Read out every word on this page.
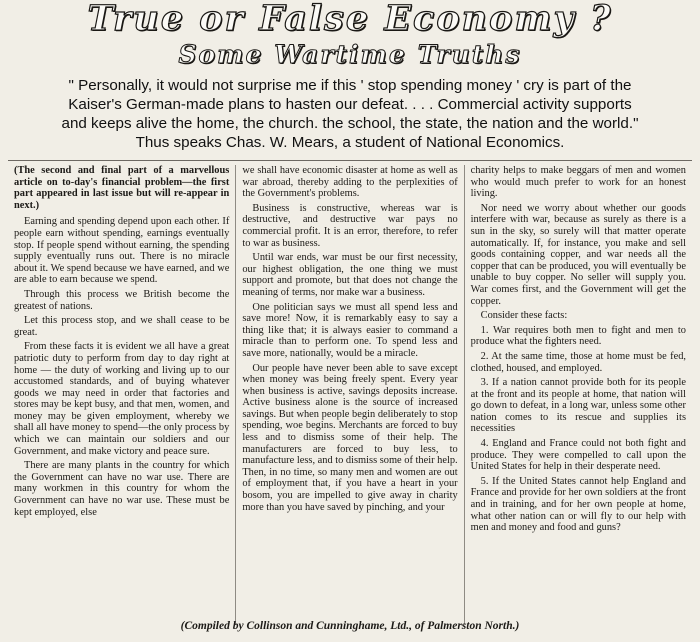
True or False Economy ?
Some Wartime Truths

" Personally, it would not surprise me if this ' stop spending money ' cry is part of the Kaiser's German-made plans to hasten our defeat. . . . Commercial activity supports and keeps alive the home, the church. the school, the state, the nation and the world." Thus speaks Chas. W. Mears, a student of National Economics.

(The second and final part of a marvellous article on to-day's financial problem—the first part appeared in last issue but will re-appear in next.)

Earning and spending depend upon each other. If people earn without spending, earnings eventually stop. If people spend without earning, the spending supply eventually runs out. There is no miracle about it. We spend because we have earned, and we are able to earn because we spend.

Through this process we British become the greatest of nations.

Let this process stop, and we shall cease to be great.

From these facts it is evident we all have a great patriotic duty to perform from day to day right at home — the duty of working and living up to our accustomed standards, and of buying whatever goods we may need in order that factories and stores may be kept busy, and that men, women, and money may be given employment, whereby we shall all have money to spend—the only process by which we can maintain our soldiers and our Government, and make victory and peace sure.

There are many plants in the country for which the Government can have no war use. There are many workmen in this country for whom the Government can have no war use. These must be kept employed, else

we shall have economic disaster at home as well as war abroad, thereby adding to the perplexities of the Government's problems.

Business is constructive, whereas war is destructive, and destructive war pays no commercial profit. It is an error, therefore, to refer to war as business.

Until war ends, war must be our first necessity, our highest obligation, the one thing we must support and promote, but that does not change the meaning of terms, nor make war a business.

One politician says we must all spend less and save more! Now, it is remarkably easy to say a thing like that; it is always easier to command a miracle than to perform one. To spend less and save more, nationally, would be a miracle.

Our people have never been able to save except when money was being freely spent. Every year when business is active, savings deposits increase. Active business alone is the source of increased savings. But when people begin deliberately to stop spending, woe begins. Merchants are forced to buy less and to dismiss some of their help. The manufacturers are forced to buy less, to manufacture less, and to dismiss some of their help. Then, in no time, so many men and women are out of employment that, if you have a heart in your bosom, you are impelled to give away in charity more than you have saved by pinching, and your

charity helps to make beggars of men and women who would much prefer to work for an honest living.

Nor need we worry about whether our goods interfere with war, because as surely as there is a sun in the sky, so surely will that matter operate automatically. If, for instance, you make and sell goods containing copper, and war needs all the copper that can be produced, you will eventually be unable to buy copper. No seller will supply you. War comes first, and the Government will get the copper.

Consider these facts:

1. War requires both men to fight and men to produce what the fighters need.

2. At the same time, those at home must be fed, clothed, housed, and employed.

3. If a nation cannot provide both for its people at the front and its people at home, that nation will go down to defeat, in a long war, unless some other nation comes to its rescue and supplies its necessities

4. England and France could not both fight and produce. They were compelled to call upon the United States for help in their desperate need.

5. If the United States cannot help England and France and provide for her own soldiers at the front and in training, and for her own people at home, what other nation can or will fly to our help with men and money and food and guns?

(Compiled by Collinson and Cunninghame, Ltd., of Palmerston North.)
